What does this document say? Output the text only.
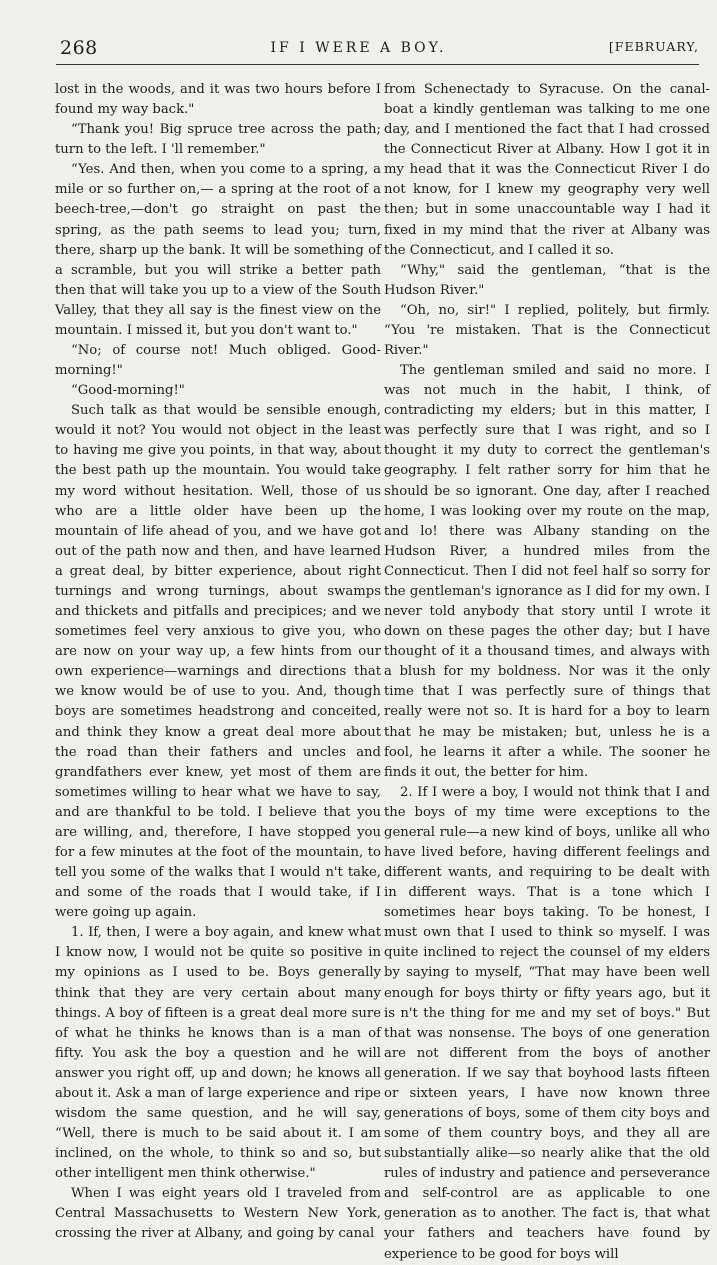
268	IF I WERE A BOY.	[FEBRUARY,

lost in the woods, and it was two hours before I found my way back."

“Thank you! Big spruce tree across the path; turn to the left. I 'll remember."

“Yes. And then, when you come to a spring, a mile or so further on,— a spring at the root of a beech-tree,—don't go straight on past the spring, as the path seems to lead you; turn, there, sharp up the bank. It will be something of a scramble, but you will strike a better path then that will take you up to a view of the South Valley, that they all say is the finest view on the mountain. I missed it, but you don't want to."

“No; of course not! Much obliged. Good-morning!"

“Good-morning!"

Such talk as that would be sensible enough, would it not? You would not object in the least to having me give you points, in that way, about the best path up the mountain. You would take my word without hesitation. Well, those of us who are a little older have been up the mountain of life ahead of you, and we have got out of the path now and then, and have learned a great deal, by bitter experience, about right turnings and wrong turnings, about swamps and thickets and pitfalls and precipices; and we sometimes feel very anxious to give you, who are now on your way up, a few hints from our own experience—warnings and directions that we know would be of use to you. And, though boys are sometimes headstrong and conceited, and think they know a great deal more about the road than their fathers and uncles and grandfathers ever knew, yet most of them are sometimes willing to hear what we have to say, and are thankful to be told. I believe that you are willing, and, therefore, I have stopped you for a few minutes at the foot of the mountain, to tell you some of the walks that I would n't take, and some of the roads that I would take, if I were going up again.

1. If, then, I were a boy again, and knew what I know now, I would not be quite so positive in my opinions as I used to be. Boys generally think that they are very certain about many things. A boy of fifteen is a great deal more sure of what he thinks he knows than is a man of fifty. You ask the boy a question and he will answer you right off, up and down; he knows all about it. Ask a man of large experience and ripe wisdom the same question, and he will say, “Well, there is much to be said about it. I am inclined, on the whole, to think so and so, but other intelligent men think otherwise."

When I was eight years old I traveled from Central Massachusetts to Western New York, crossing the river at Albany, and going by canal

from Schenectady to Syracuse. On the canal-boat a kindly gentleman was talking to me one day, and I mentioned the fact that I had crossed the Connecticut River at Albany. How I got it in my head that it was the Connecticut River I do not know, for I knew my geography very well then; but in some unaccountable way I had it fixed in my mind that the river at Albany was the Connecticut, and I called it so.

“Why," said the gentleman, “that is the Hudson River."

“Oh, no, sir!" I replied, politely, but firmly. “You 're mistaken. That is the Connecticut River."

The gentleman smiled and said no more. I was not much in the habit, I think, of contradicting my elders; but in this matter, I was perfectly sure that I was right, and so I thought it my duty to correct the gentleman's geography. I felt rather sorry for him that he should be so ignorant. One day, after I reached home, I was looking over my route on the map, and lo! there was Albany standing on the Hudson River, a hundred miles from the Connecticut. Then I did not feel half so sorry for the gentleman's ignorance as I did for my own. I never told anybody that story until I wrote it down on these pages the other day; but I have thought of it a thousand times, and always with a blush for my boldness. Nor was it the only time that I was perfectly sure of things that really were not so. It is hard for a boy to learn that he may be mistaken; but, unless he is a fool, he learns it after a while. The sooner he finds it out, the better for him.

2. If I were a boy, I would not think that I and the boys of my time were exceptions to the general rule—a new kind of boys, unlike all who have lived before, having different feelings and different wants, and requiring to be dealt with in different ways. That is a tone which I sometimes hear boys taking. To be honest, I must own that I used to think so myself. I was quite inclined to reject the counsel of my elders by saying to myself, “That may have been well enough for boys thirty or fifty years ago, but it is n't the thing for me and my set of boys." But that was nonsense. The boys of one generation are not different from the boys of another generation. If we say that boyhood lasts fifteen or sixteen years, I have now known three generations of boys, some of them city boys and some of them country boys, and they all are substantially alike—so nearly alike that the old rules of industry and patience and perseverance and self-control are as applicable to one generation as to another. The fact is, that what your fathers and teachers have found by experience to be good for boys will
